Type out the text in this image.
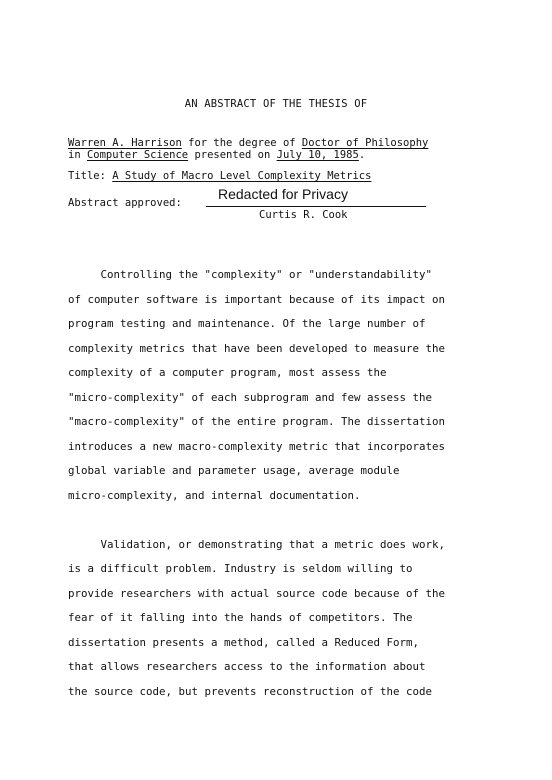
AN ABSTRACT OF THE THESIS OF
Warren A. Harrison for the degree of Doctor of Philosophy
in Computer Science presented on July 10, 1985.
Title: A Study of Macro Level Complexity Metrics
Abstract approved:
Redacted for Privacy
Curtis R. Cook
Controlling the "complexity" or "understandability"
of computer software is important because of its impact on
program testing and maintenance. Of the large number of
complexity metrics that have been developed to measure the
complexity of a computer program, most assess the
"micro-complexity" of each subprogram and few assess the
"macro-complexity" of the entire program. The dissertation
introduces a new macro-complexity metric that incorporates
global variable and parameter usage, average module
micro-complexity, and internal documentation.
Validation, or demonstrating that a metric does work,
is a difficult problem. Industry is seldom willing to
provide researchers with actual source code because of the
fear of it falling into the hands of competitors. The
dissertation presents a method, called a Reduced Form,
that allows researchers access to the information about
the source code, but prevents reconstruction of the code
